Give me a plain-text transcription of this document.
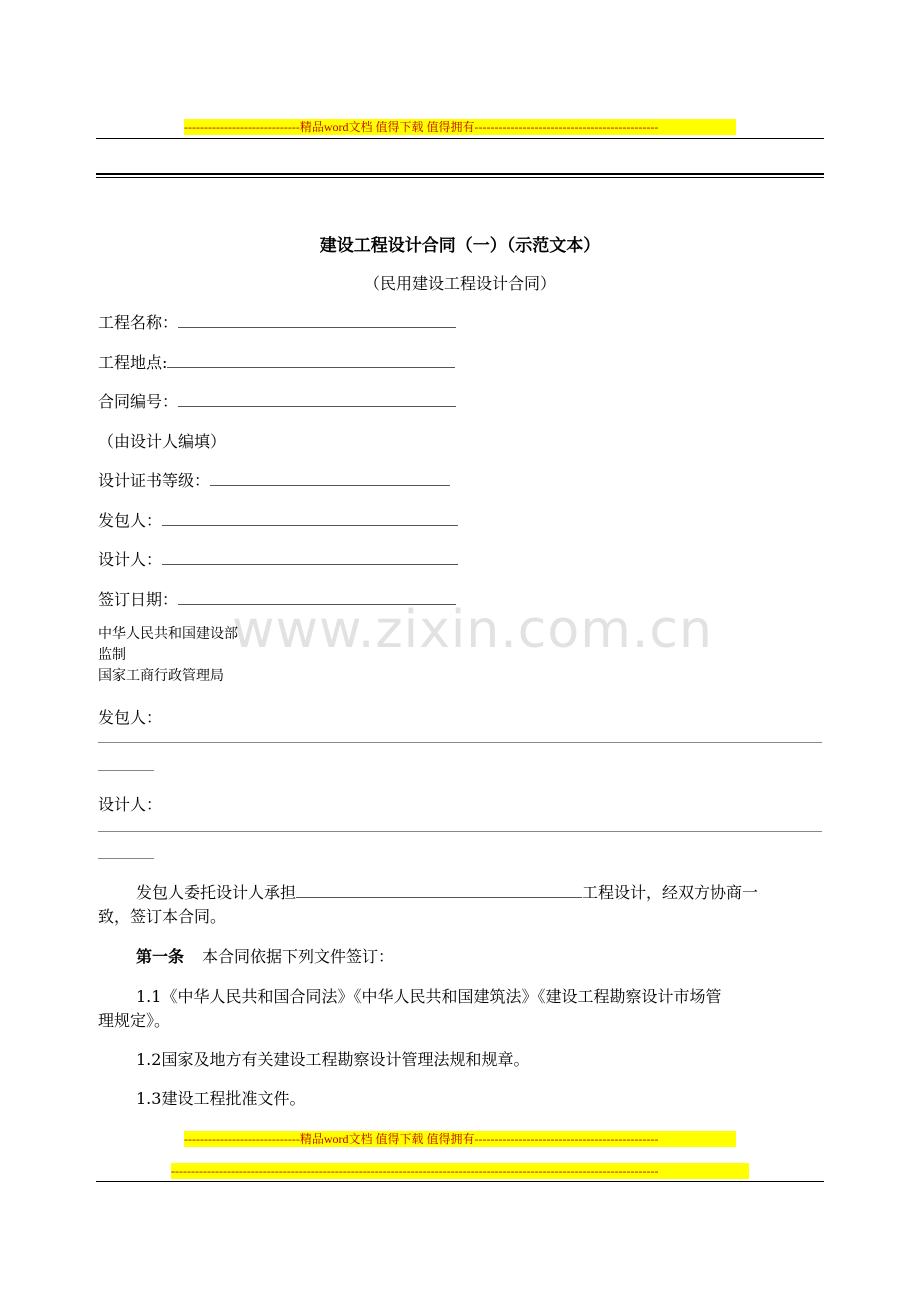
-----------------------------精品word文档 值得下载 值得拥有----------------------------------------------
www.zixin.com.cn
建设工程设计合同（一）（示范文本）
（民用建设工程设计合同）
工程名称：
工程地点:
合同编号：
（由设计人编填）
设计证书等级：
发包人：
设计人：
签订日期：
中华人民共和国建设部
监制
国家工商行政管理局
发包人：
设计人：
发包人委托设计人承担	工程设计，经双方协商一
致，签订本合同。
第一条 本合同依据下列文件签订：
1.1《中华人民共和国合同法》《中华人民共和国建筑法》《建设工程勘察设计市场管
理规定》。
1.2国家及地方有关建设工程勘察设计管理法规和规章。
1.3建设工程批准文件。
-----------------------------精品word文档 值得下载 值得拥有----------------------------------------------
--------------------------------------------------------------------------------------------------------------------------
